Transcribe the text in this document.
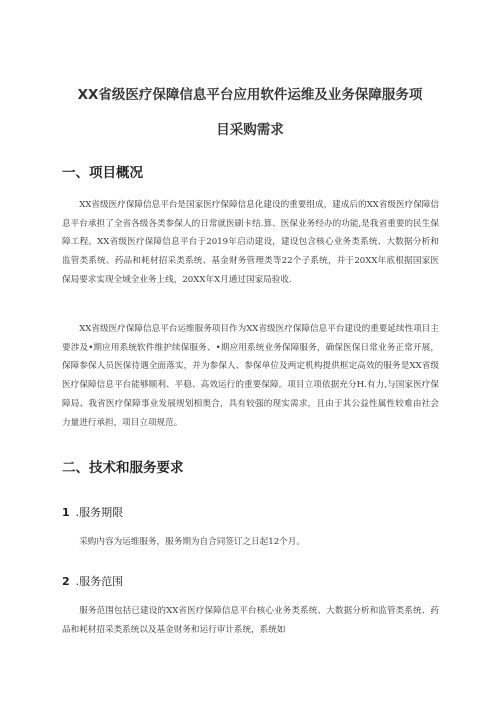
XX省级医疗保障信息平台应用软件运维及业务保障服务项
目采购需求
一、项目概况

XX省级医疗保障信息平台是国家医疗保障信息化建设的重要组成，建成后的XX省级医疗保障信息平台承担了全省各级各类参保人的日常就医刷卡结.算、医保业务经办的功能,是我省重要的民生保障工程。XX省级医疗保障信息平台于2019年启动建设，建设包含核心业务类系统、大数据分析和监管类系统、药品和耗材招采类系统、基金财务管理类等22个子系统，并于20XX年底根据国家医保局要求实现全域全业务上线，20XX年X月通过国家局验收.

XX省级医疗保障信息平台运维服务项目作为XX省级医疗保障信息平台建设的重要延续性项目主要涉及•期应用系统软件维护续保服务、•期应用系统业务保障服务，确保医保日常业务正常开展，保障参保人员医保待遇全面落实，并为参保人、参保单位及两定机构提供框定高效的服务是XX省级医疗保障信息平台能够顺利、平稳、高效运行的重要保障。项目立项依据充分H.有力,与国家医疗保障局、我省医疗保障事业发展规划相奥合，具有较强的现实需求，且由于其公益性属性较难由社会力量进行承担，项目立项规范。

二、技术和服务要求
1 .服务期限

采购内容为运维服务，服务期为自合同签订之日起12个月。

2 .服务范围

服务范围包括已建设的XX省医疗保障信息平台核心业务类系统、大数据分析和监管类系统、药品和耗材招采类系统以及基金财务和运行审计系统，系统如
